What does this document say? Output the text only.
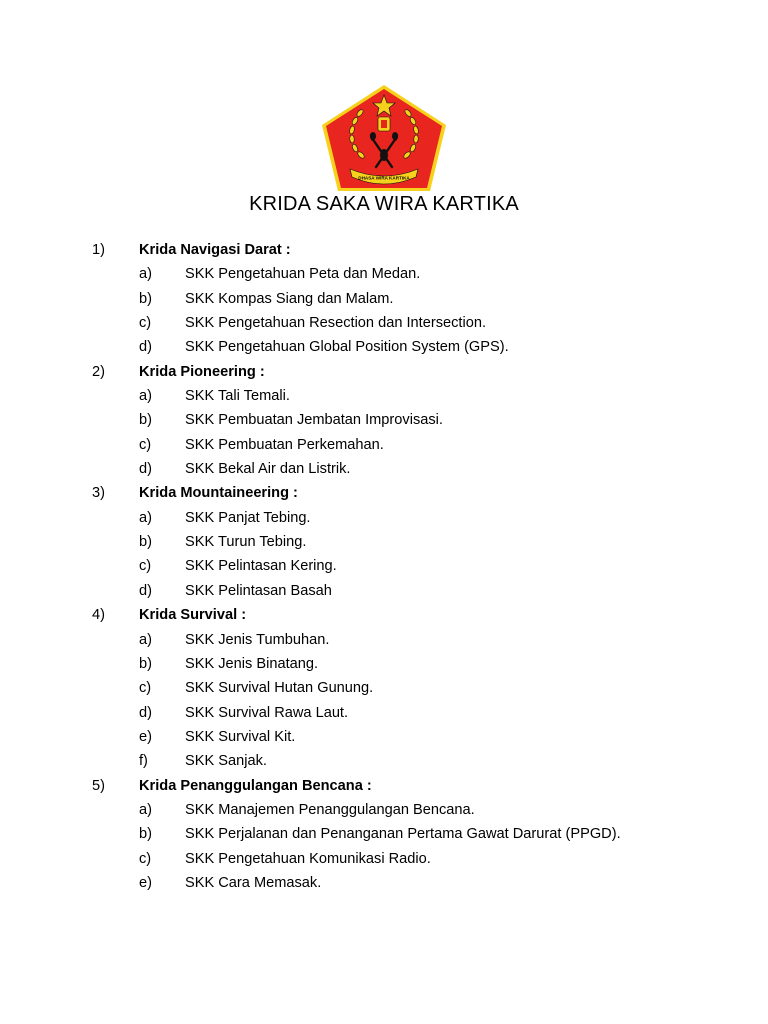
DHASA WIRA KARTIKA
KRIDA SAKA WIRA KARTIKA
1) Krida Navigasi Darat :
a) SKK Pengetahuan Peta dan Medan.
b) SKK Kompas Siang dan Malam.
c) SKK Pengetahuan Resection dan Intersection.
d) SKK Pengetahuan Global Position System (GPS).
2) Krida Pioneering :
a) SKK Tali Temali.
b) SKK Pembuatan Jembatan Improvisasi.
c) SKK Pembuatan Perkemahan.
d) SKK Bekal Air dan Listrik.
3) Krida Mountaineering :
a) SKK Panjat Tebing.
b) SKK Turun Tebing.
c) SKK Pelintasan Kering.
d) SKK Pelintasan Basah
4) Krida Survival :
a) SKK Jenis Tumbuhan.
b) SKK Jenis Binatang.
c) SKK Survival Hutan Gunung.
d) SKK Survival Rawa Laut.
e) SKK Survival Kit.
f)	SKK Sanjak.
5) Krida Penanggulangan Bencana :
a) SKK Manajemen Penanggulangan Bencana.
b) SKK Perjalanan dan Penanganan Pertama Gawat Darurat (PPGD).
c) SKK Pengetahuan Komunikasi Radio.
e) SKK Cara Memasak.
